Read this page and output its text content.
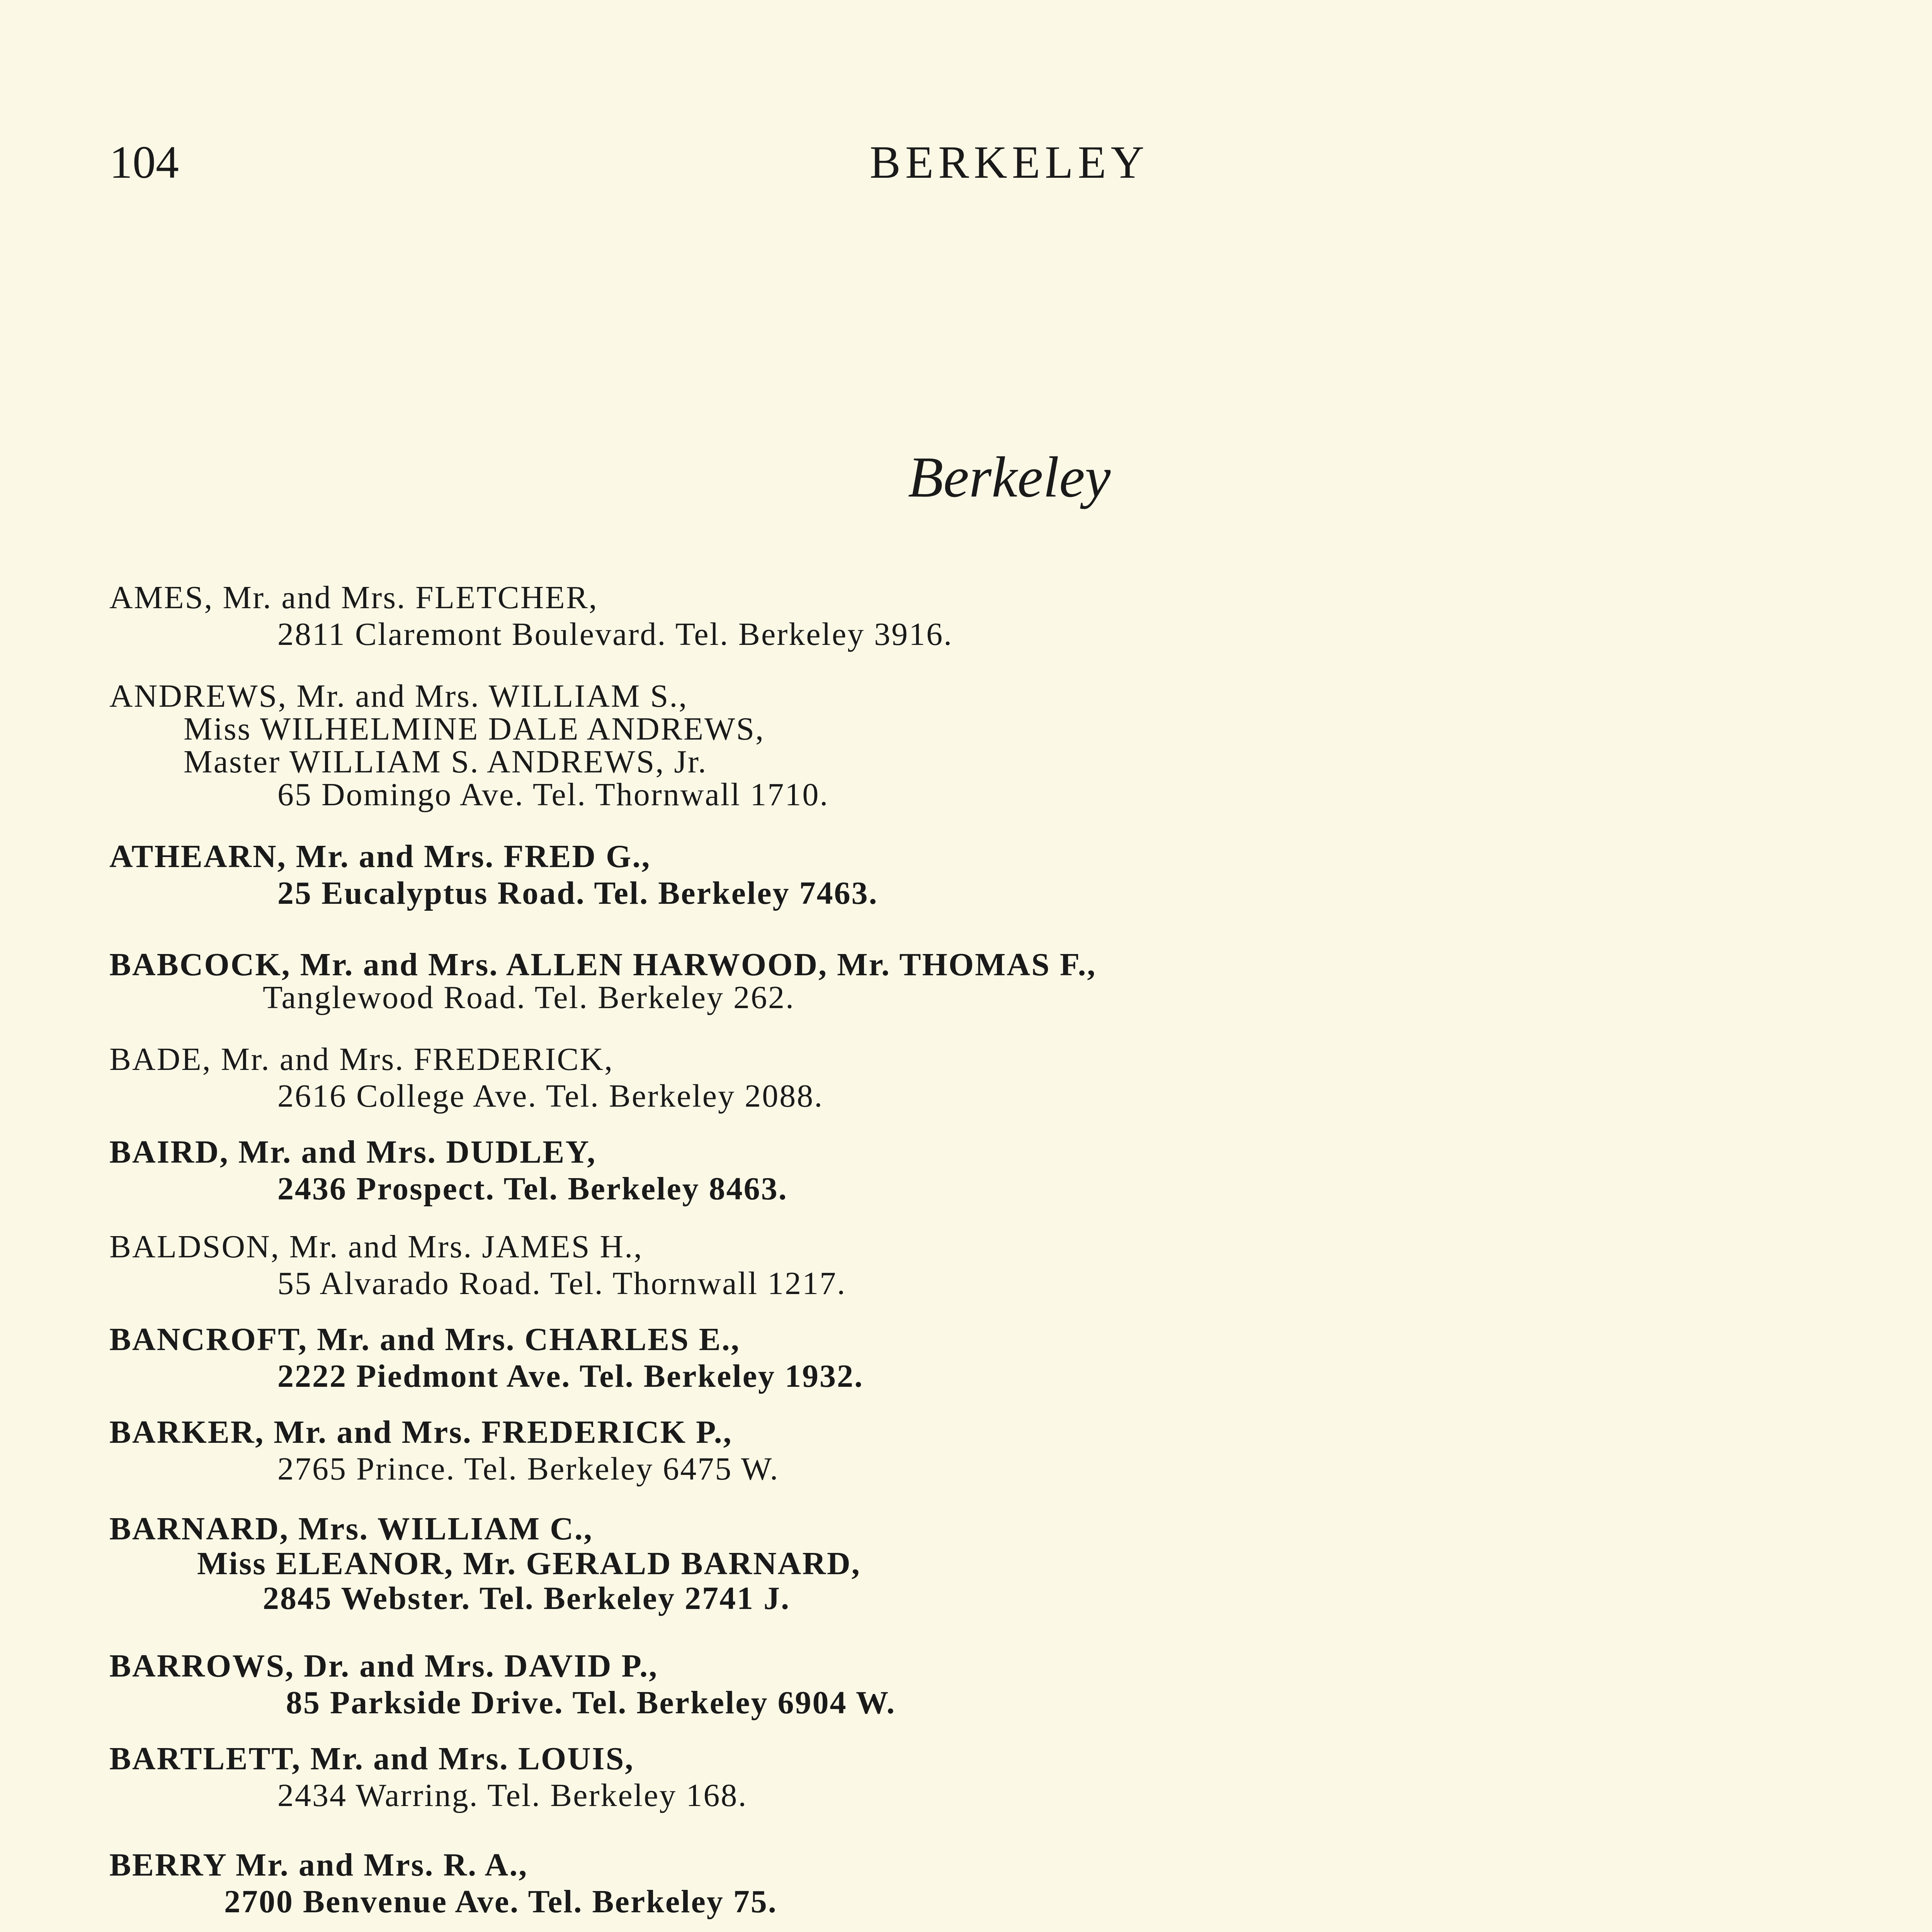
104	BERKELEY
Berkeley
AMES, Mr. and Mrs. FLETCHER,
2811 Claremont Boulevard. Tel. Berkeley 3916.
ANDREWS, Mr. and Mrs. WILLIAM S.,
Miss WILHELMINE DALE ANDREWS,
Master WILLIAM S. ANDREWS, Jr.
65 Domingo Ave. Tel. Thornwall 1710.
ATHEARN, Mr. and Mrs. FRED G.,
25 Eucalyptus Road. Tel. Berkeley 7463.
BABCOCK, Mr. and Mrs. ALLEN HARWOOD, Mr. THOMAS F.,
Tanglewood Road. Tel. Berkeley 262.
BADE, Mr. and Mrs. FREDERICK,
2616 College Ave. Tel. Berkeley 2088.
BAIRD, Mr. and Mrs. DUDLEY,
2436 Prospect. Tel. Berkeley 8463.
BALDSON, Mr. and Mrs. JAMES H.,
55 Alvarado Road. Tel. Thornwall 1217.
BANCROFT, Mr. and Mrs. CHARLES E.,
2222 Piedmont Ave. Tel. Berkeley 1932.
BARKER, Mr. and Mrs. FREDERICK P.,
2765 Prince. Tel. Berkeley 6475 W.
BARNARD, Mrs. WILLIAM C.,
Miss ELEANOR, Mr. GERALD BARNARD,
2845 Webster. Tel. Berkeley 2741 J.
BARROWS, Dr. and Mrs. DAVID P.,
85 Parkside Drive. Tel. Berkeley 6904 W.
BARTLETT, Mr. and Mrs. LOUIS,
2434 Warring. Tel. Berkeley 168.
BERRY Mr. and Mrs. R. A.,
2700 Benvenue Ave. Tel. Berkeley 75.
